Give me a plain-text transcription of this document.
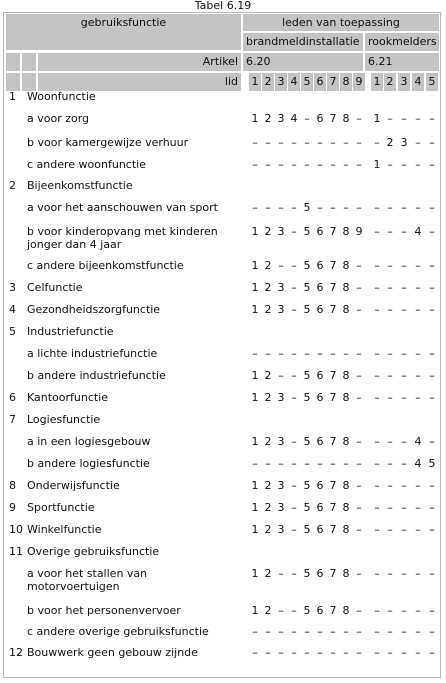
Tabel 6.19
gebruiksfunctie	leden van toepassing
brandmeldinstallatie rookmelders
Artikel 6.20	6.21
lid 1 2 3 4 5 6 7 8 9 1 2 3 4 5
1 Woonfunctie
a voor zorg	1 2 3 4 – 6 7 8 – 1 – – – –
b voor kamergewijze verhuur	– – – – – – – – – – 2 3 – –
c andere woonfunctie	– – – – – – – – – 1 – – – –
2 Bijeenkomstfunctie
a voor het aanschouwen van sport	– – – – 5 – – – – – – – – –
b voor kinderopvang met kinderen
jonger dan 4 jaar
1 2 3 – 5 6 7 8 9 – – – 4 –
c andere bijeenkomstfunctie	1 2 – – 5 6 7 8 – – – – – –
3 Celfunctie	1 2 3 – 5 6 7 8 – – – – – –
4 Gezondheidszorgfunctie	1 2 3 – 5 6 7 8 – – – – – –
5 Industriefunctie
a lichte industriefunctie	– – – – – – – – – – – – – –
b andere industriefunctie	1 2 – – 5 6 7 8 – – – – – –
6 Kantoorfunctie	1 2 3 – 5 6 7 8 – – – – – –
7 Logiesfunctie
a in een logiesgebouw	1 2 3 – 5 6 7 8 – – – – 4 –
b andere logiesfunctie	– – – – – – – – – – – – 4 5
8 Onderwijsfunctie	1 2 3 – 5 6 7 8 – – – – – –
9 Sportfunctie	1 2 3 – 5 6 7 8 – – – – – –
10 Winkelfunctie	1 2 3 – 5 6 7 8 – – – – – –
11 Overige gebruiksfunctie
a voor het stallen van
motorvoertuigen
1 2 – – 5 6 7 8 – – – – – –
b voor het personenvervoer	1 2 – – 5 6 7 8 – – – – – –
c andere overige gebruiksfunctie	– – – – – – – – – – – – – –
12 Bouwwerk geen gebouw zijnde	– – – – – – – – – – – – – –
